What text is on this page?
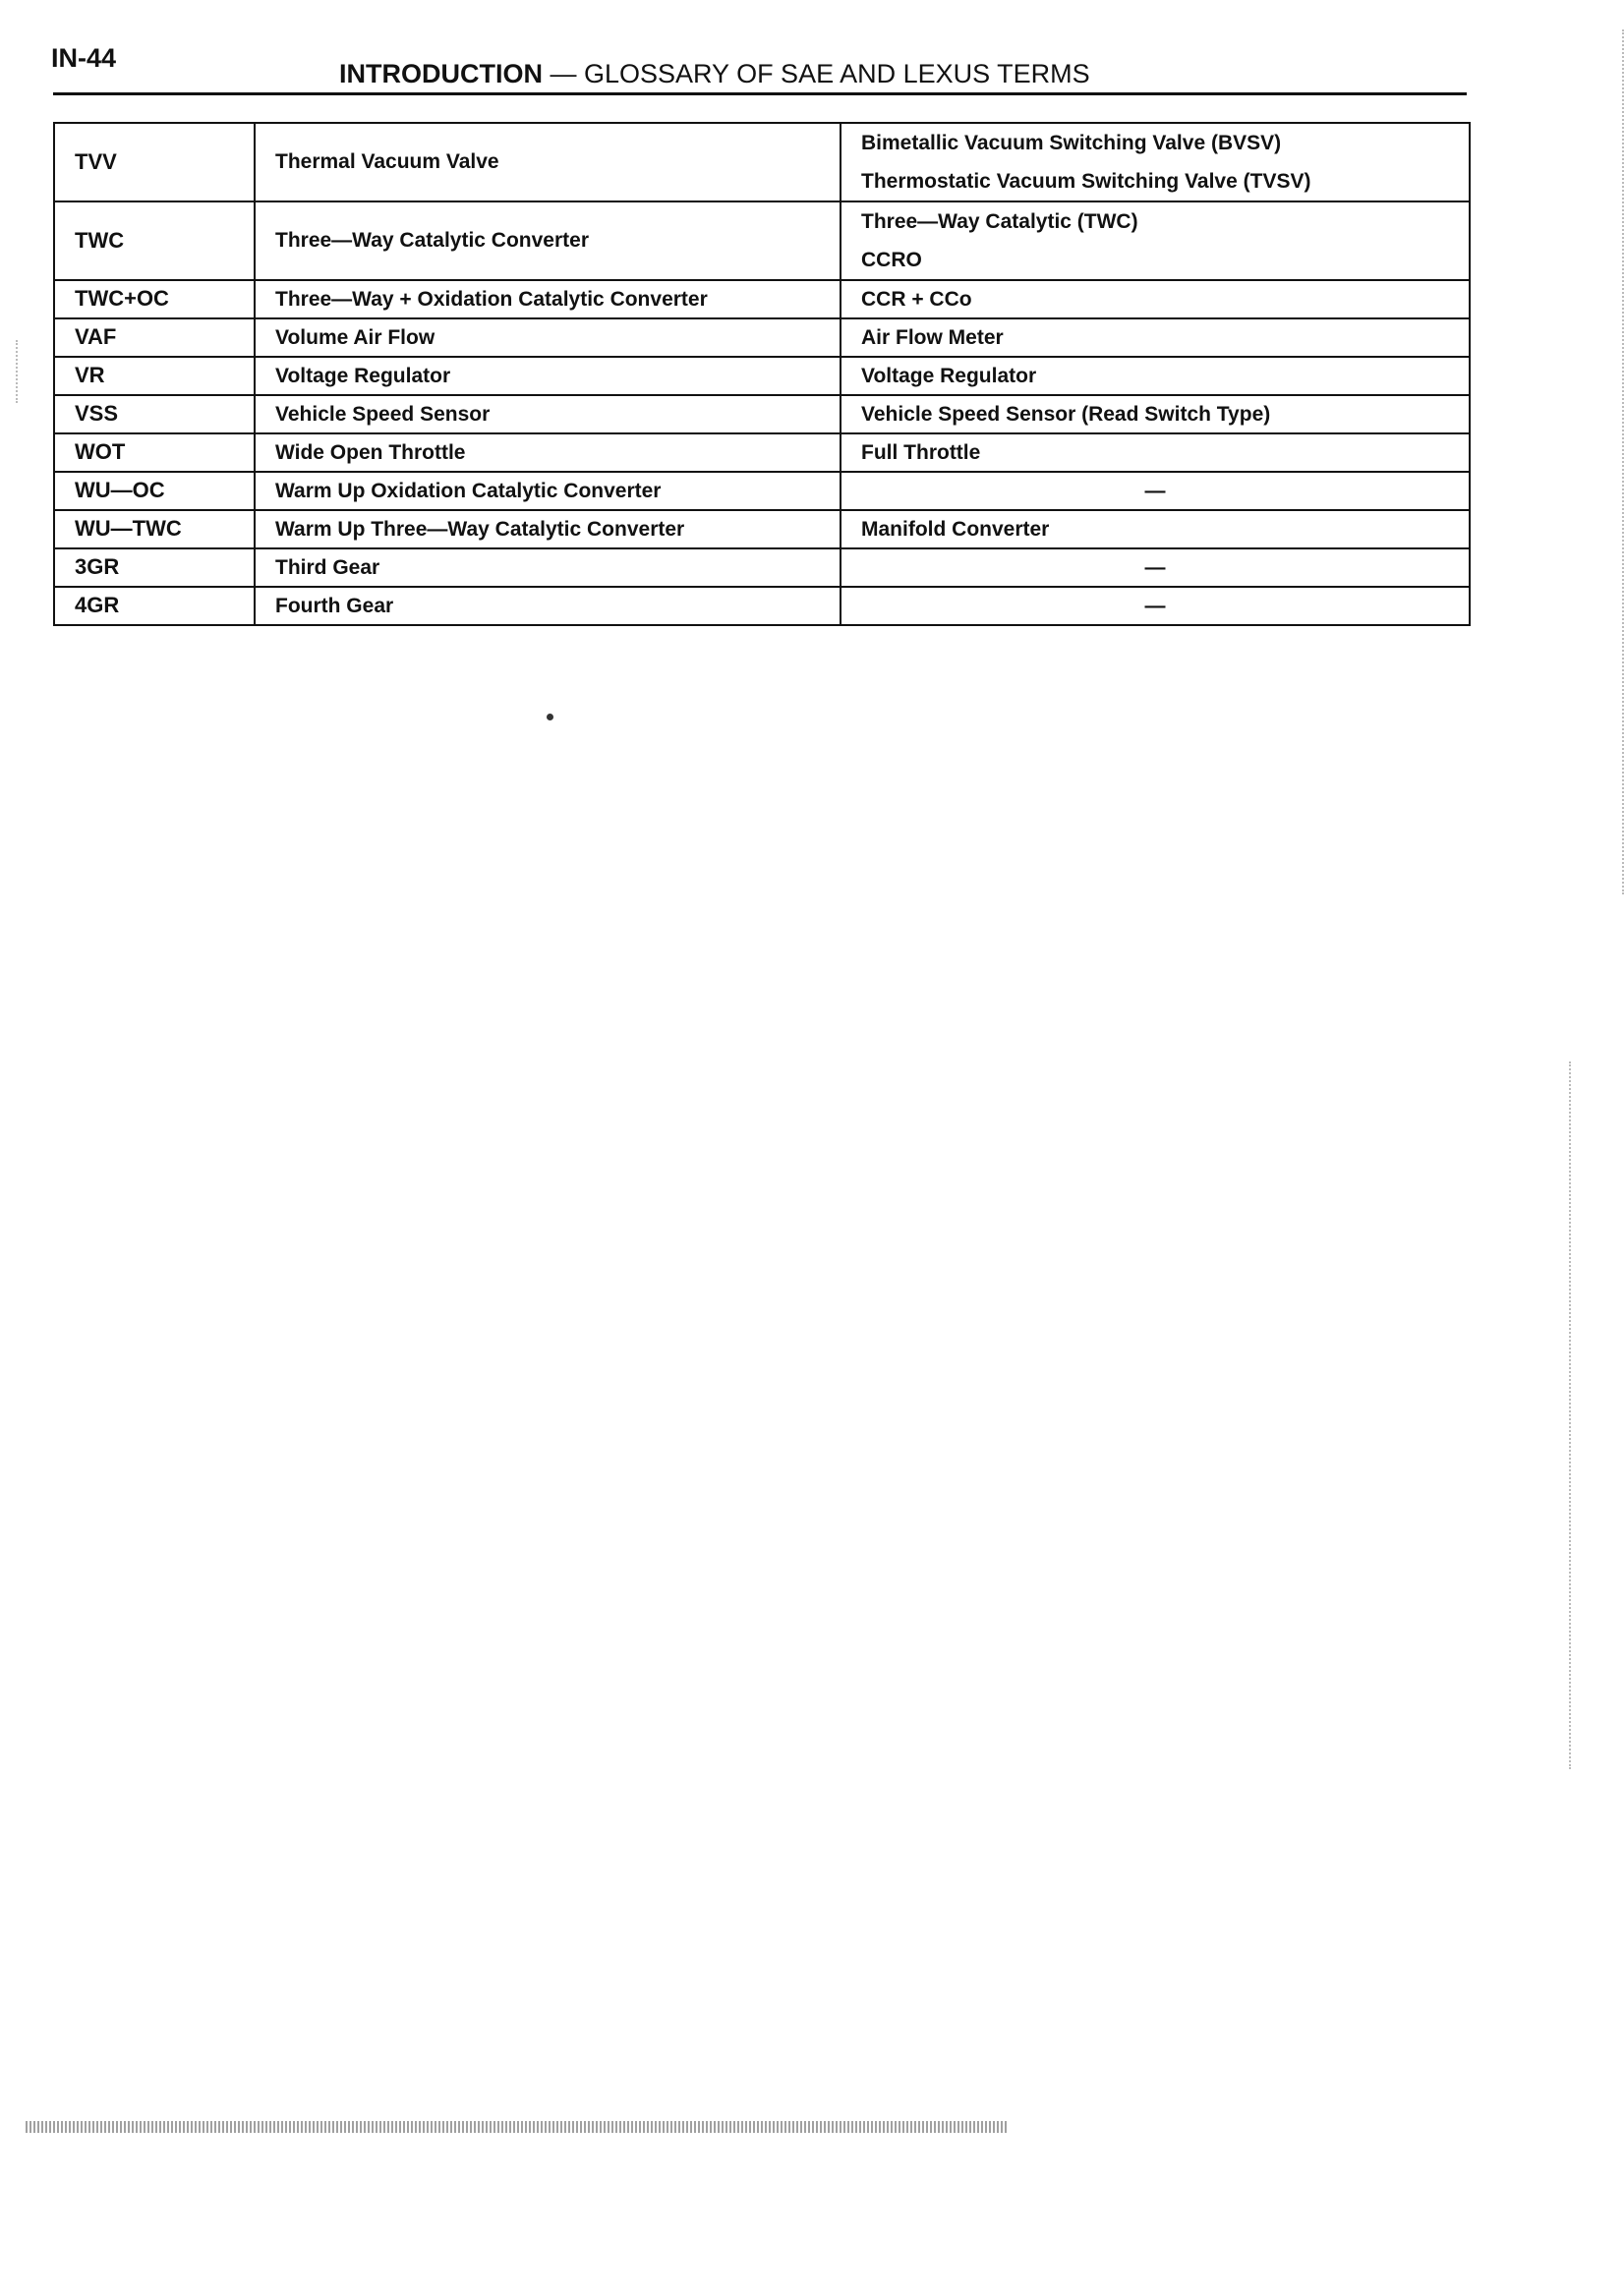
IN-44
INTRODUCTION — GLOSSARY OF SAE AND LEXUS TERMS
TVV	Thermal Vacuum Valve	Bimetallic Vacuum Switching Valve (BVSV)
Thermostatic Vacuum Switching Valve (TVSV)

TWC	Three—Way Catalytic Converter	Three—Way Catalytic (TWC)
CCRO

TWC+OC	Three—Way + Oxidation Catalytic Converter	CCR + CCo
VAF	Volume Air Flow	Air Flow Meter
VR	Voltage Regulator	Voltage Regulator
VSS	Vehicle Speed Sensor	Vehicle Speed Sensor (Read Switch Type)
WOT	Wide Open Throttle	Full Throttle
WU—OC	Warm Up Oxidation Catalytic Converter	—
WU—TWC	Warm Up Three—Way Catalytic Converter	Manifold Converter
3GR	Third Gear	—
4GR	Fourth Gear	—
